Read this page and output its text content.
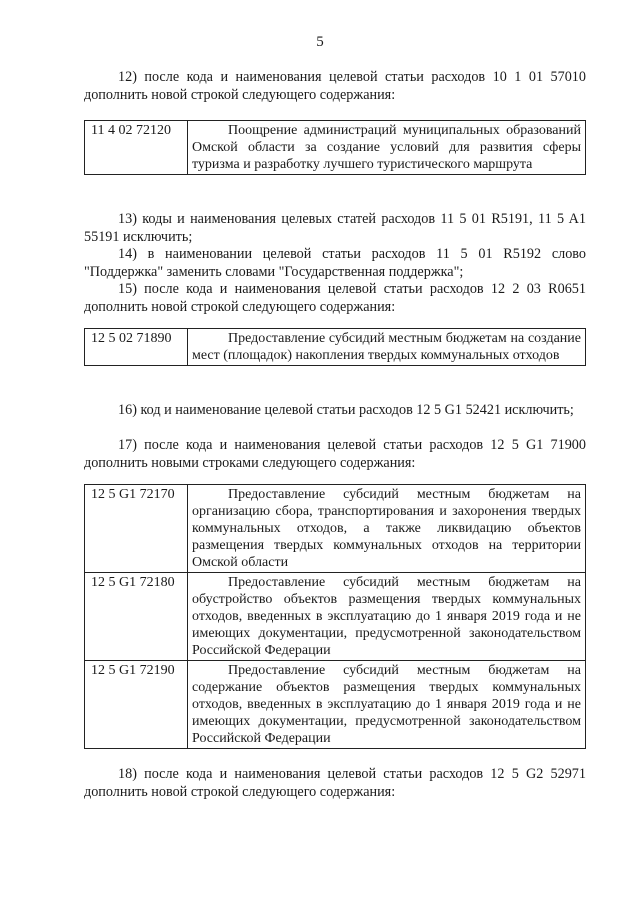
5
12) после кода и наименования целевой статьи расходов 10 1 01 57010 дополнить новой строкой следующего содержания:
11 4 02 72120	Поощрение администраций муниципальных образований Омской области за создание условий для развития сферы туризма и разработку лучшего туристического маршрута
13) коды и наименования целевых статей расходов 11 5 01 R5191, 11 5 A1 55191 исключить;
14) в наименовании целевой статьи расходов 11 5 01 R5192 слово "Поддержка" заменить словами "Государственная поддержка";
15) после кода и наименования целевой статьи расходов 12 2 03 R0651 дополнить новой строкой следующего содержания:
12 5 02 71890	Предоставление субсидий местным бюджетам на создание мест (площадок) накопления твердых коммунальных отходов
16) код и наименование целевой статьи расходов 12 5 G1 52421 исключить;
17) после кода и наименования целевой статьи расходов 12 5 G1 71900 дополнить новыми строками следующего содержания:
12 5 G1 72170	Предоставление субсидий местным бюджетам на организацию сбора, транспортирования и захоронения твердых коммунальных отходов, а также ликвидацию объектов размещения твердых коммунальных отходов на территории Омской области
12 5 G1 72180	Предоставление субсидий местным бюджетам на обустройство объектов размещения твердых коммунальных отходов, введенных в эксплуатацию до 1 января 2019 года и не имеющих документации, предусмотренной законодательством Российской Федерации
12 5 G1 72190	Предоставление субсидий местным бюджетам на содержание объектов размещения твердых коммунальных отходов, введенных в эксплуатацию до 1 января 2019 года и не имеющих документации, предусмотренной законодательством Российской Федерации
18) после кода и наименования целевой статьи расходов 12 5 G2 52971 дополнить новой строкой следующего содержания:
